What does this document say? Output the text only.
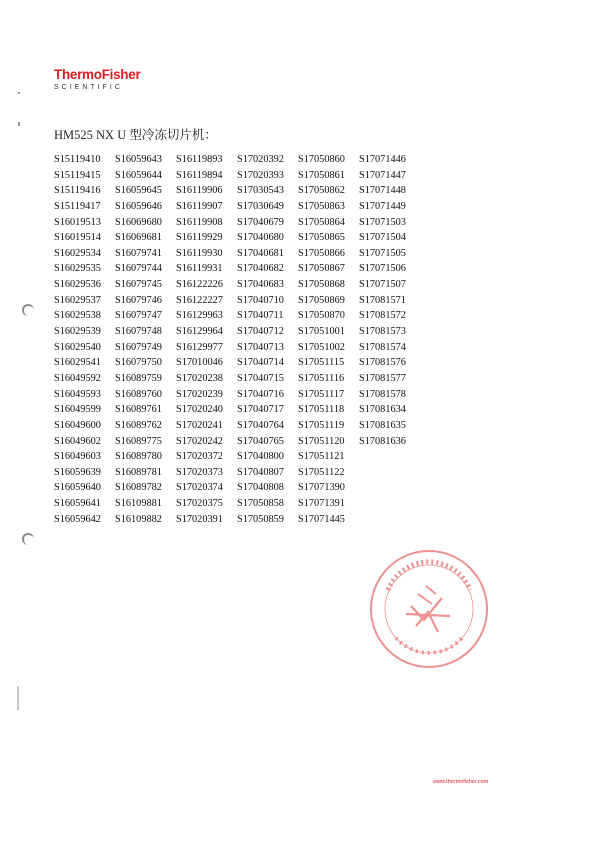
ThermoFisher
SCIENTIFIC
HM525 NX U 型冷冻切片机：
S15119410
S15119415
S15119416
S15119417
S16019513
S16019514
S16029534
S16029535
S16029536
S16029537
S16029538
S16029539
S16029540
S16029541
S16049592
S16049593
S16049599
S16049600
S16049602
S16049603
S16059639
S16059640
S16059641
S16059642
S16059643
S16059644
S16059645
S16059646
S16069680
S16069681
S16079741
S16079744
S16079745
S16079746
S16079747
S16079748
S16079749
S16079750
S16089759
S16089760
S16089761
S16089762
S16089775
S16089780
S16089781
S16089782
S16109881
S16109882
S16119893
S16119894
S16119906
S16119907
S16119908
S16119929
S16119930
S16119931
S16122226
S16122227
S16129963
S16129964
S16129977
S17010046
S17020238
S17020239
S17020240
S17020241
S17020242
S17020372
S17020373
S17020374
S17020375
S17020391
S17020392
S17020393
S17030543
S17030649
S17040679
S17040680
S17040681
S17040682
S17040683
S17040710
S17040711
S17040712
S17040713
S17040714
S17040715
S17040716
S17040717
S17040764
S17040765
S17040800
S17040807
S17040808
S17050858
S17050859
S17050860
S17050861
S17050862
S17050863
S17050864
S17050865
S17050866
S17050867
S17050868
S17050869
S17050870
S17051001
S17051002
S17051115
S17051116
S17051117
S17051118
S17051119
S17051120
S17051121
S17051122
S17071390
S17071391
S17071445
S17071446
S17071447
S17071448
S17071449
S17071503
S17071504
S17071505
S17071506
S17071507
S17081571
S17081572
S17081573
S17081574
S17081576
S17081577
S17081578
S17081634
S17081635
S17081636
www.thermofisher.com
